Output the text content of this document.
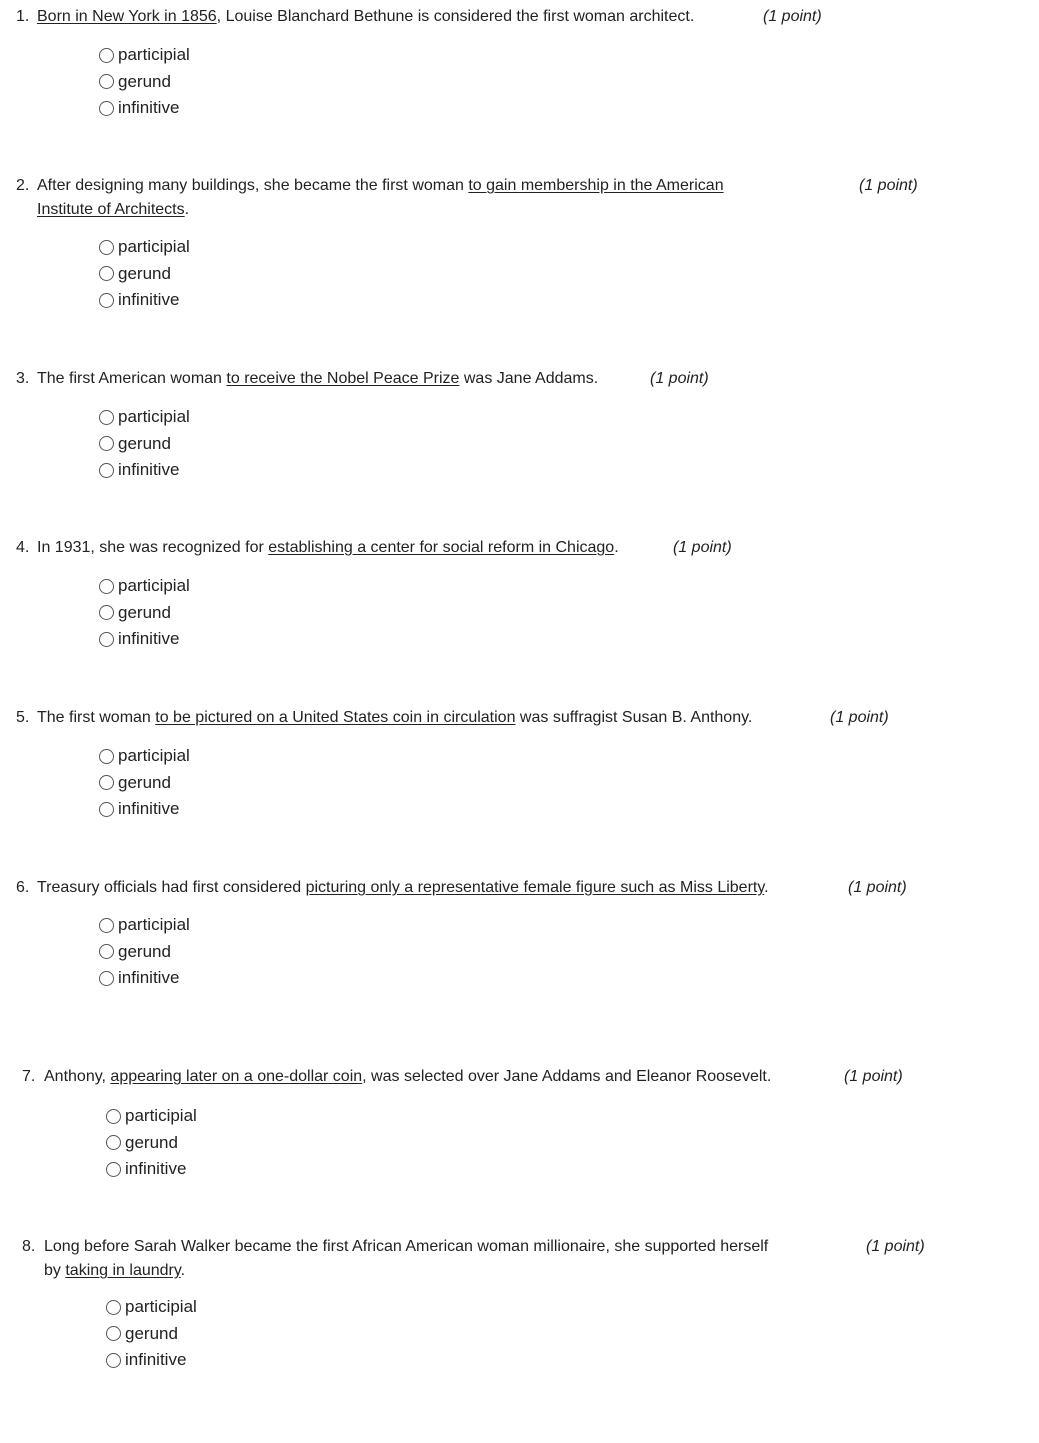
1. Born in New York in 1856, Louise Blanchard Bethune is considered the first woman architect.	(1 point)
participial
gerund
infinitive
2. After designing many buildings, she became the first woman to gain membership in the American
Institute of Architects.
(1 point)
participial
gerund
infinitive
3. The first American woman to receive the Nobel Peace Prize was Jane Addams.	(1 point)
participial
gerund
infinitive
4. In 1931, she was recognized for establishing a center for social reform in Chicago.	(1 point)
participial
gerund
infinitive
5. The first woman to be pictured on a United States coin in circulation was suffragist Susan B. Anthony.	(1 point)
participial
gerund
infinitive
6. Treasury officials had first considered picturing only a representative female figure such as Miss Liberty.	(1 point)
participial
gerund
infinitive
7. Anthony, appearing later on a one-dollar coin, was selected over Jane Addams and Eleanor Roosevelt.	(1 point)
participial
gerund
infinitive
8. Long before Sarah Walker became the first African American woman millionaire, she supported herself
by taking in laundry.
(1 point)
participial
gerund
infinitive
